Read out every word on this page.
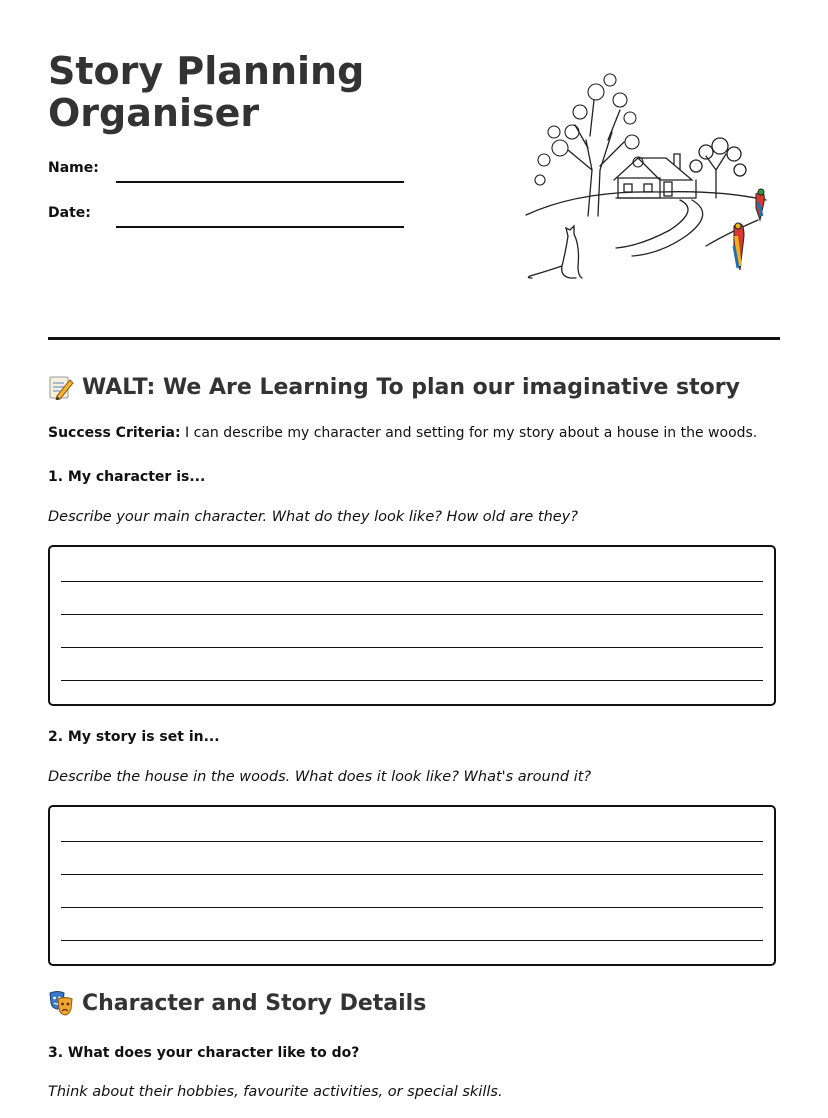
Story Planning
Organiser
Name:
Date:
WALT: We Are Learning To plan our imaginative story
Success Criteria: I can describe my character and setting for my story about a house in the woods.
1. My character is...
Describe your main character. What do they look like? How old are they?
2. My story is set in...
Describe the house in the woods. What does it look like? What's around it?
Character and Story Details
3. What does your character like to do?
Think about their hobbies, favourite activities, or special skills.
